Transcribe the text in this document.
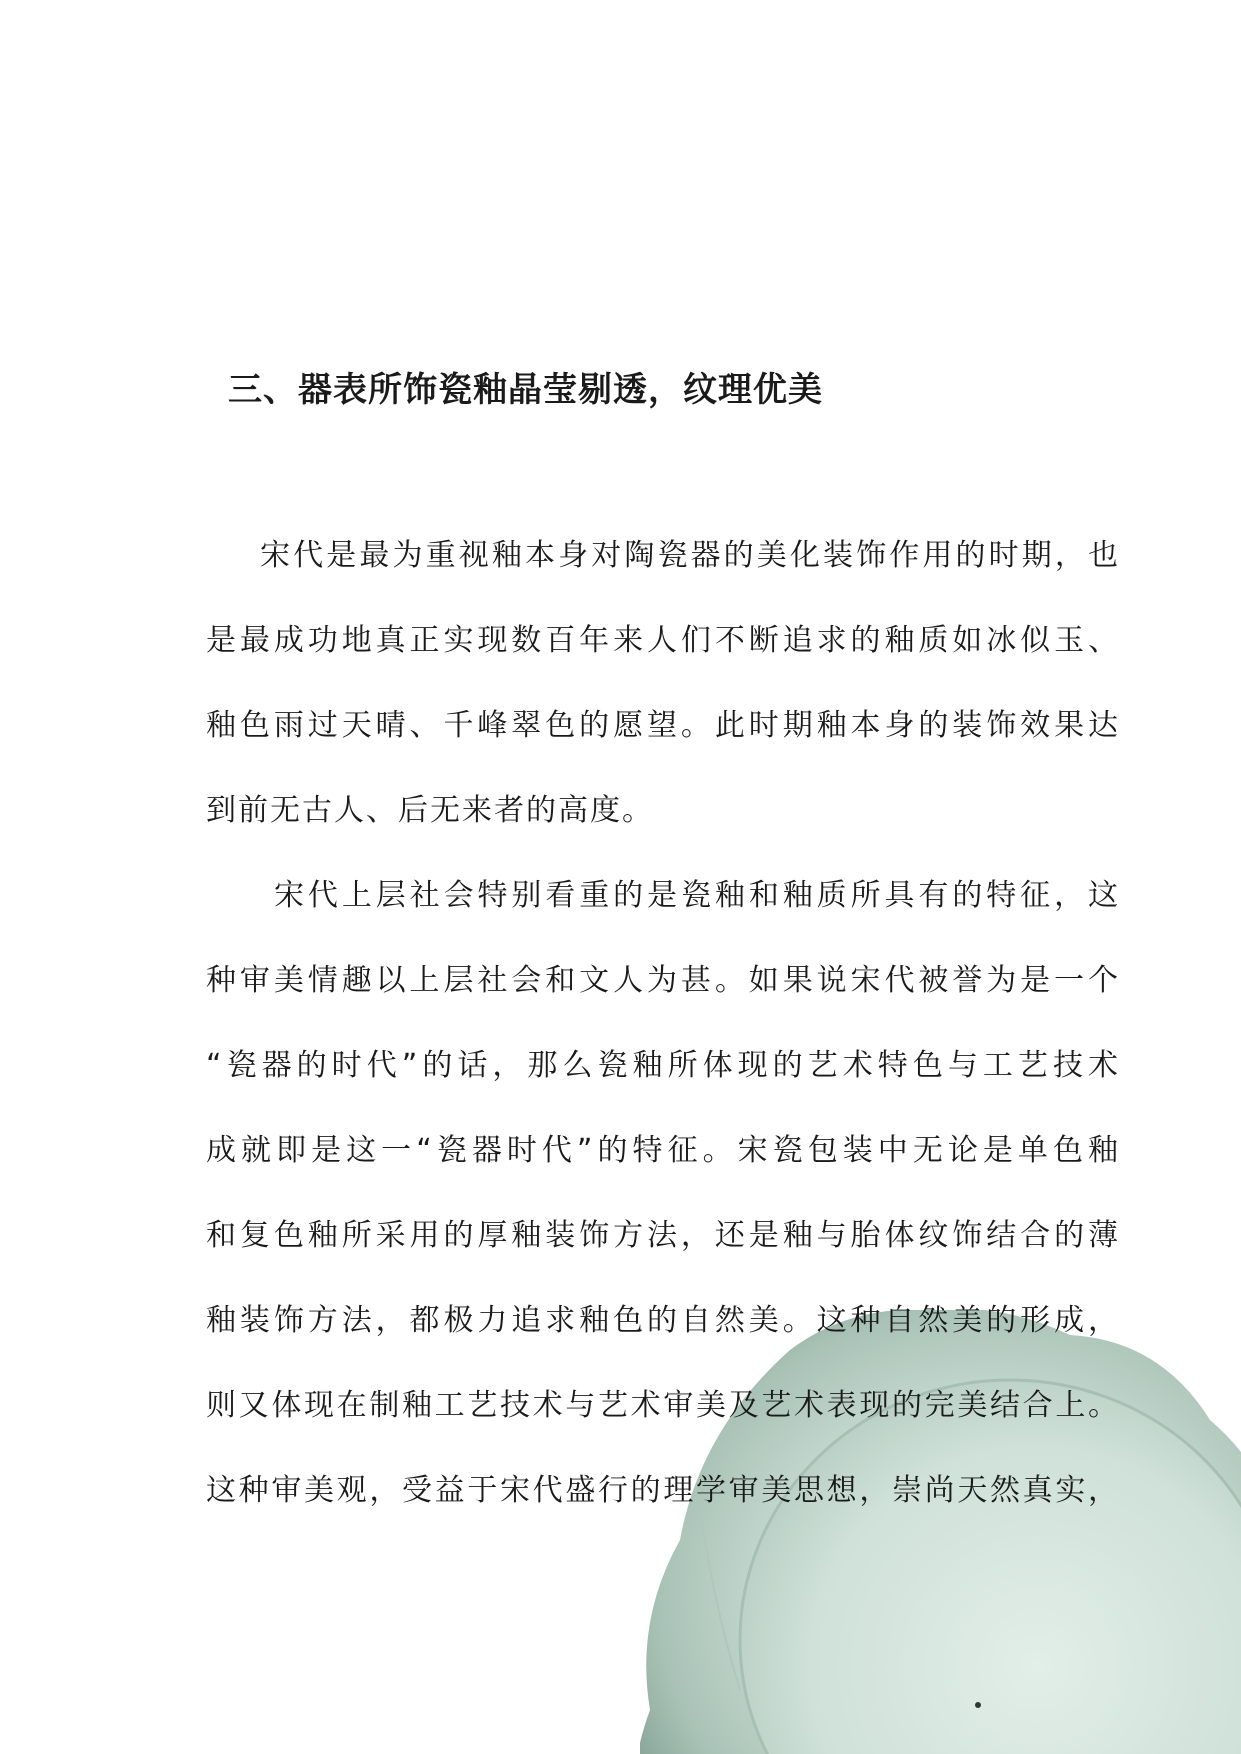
三、器表所饰瓷釉晶莹剔透，纹理优美
宋代是最为重视釉本身对陶瓷器的美化装饰作用的时期，也
是最成功地真正实现数百年来人们不断追求的釉质如冰似玉、
釉色雨过天晴、千峰翠色的愿望。此时期釉本身的装饰效果达
到前无古人、后无来者的高度。
宋代上层社会特别看重的是瓷釉和釉质所具有的特征，这
种审美情趣以上层社会和文人为甚。如果说宋代被誉为是一个
“瓷器的时代”的话，那么瓷釉所体现的艺术特色与工艺技术
成就即是这一“瓷器时代”的特征。宋瓷包装中无论是单色釉
和复色釉所采用的厚釉装饰方法，还是釉与胎体纹饰结合的薄
釉装饰方法，都极力追求釉色的自然美。这种自然美的形成，
则又体现在制釉工艺技术与艺术审美及艺术表现的完美结合上。
这种审美观，受益于宋代盛行的理学审美思想，崇尚天然真实，
